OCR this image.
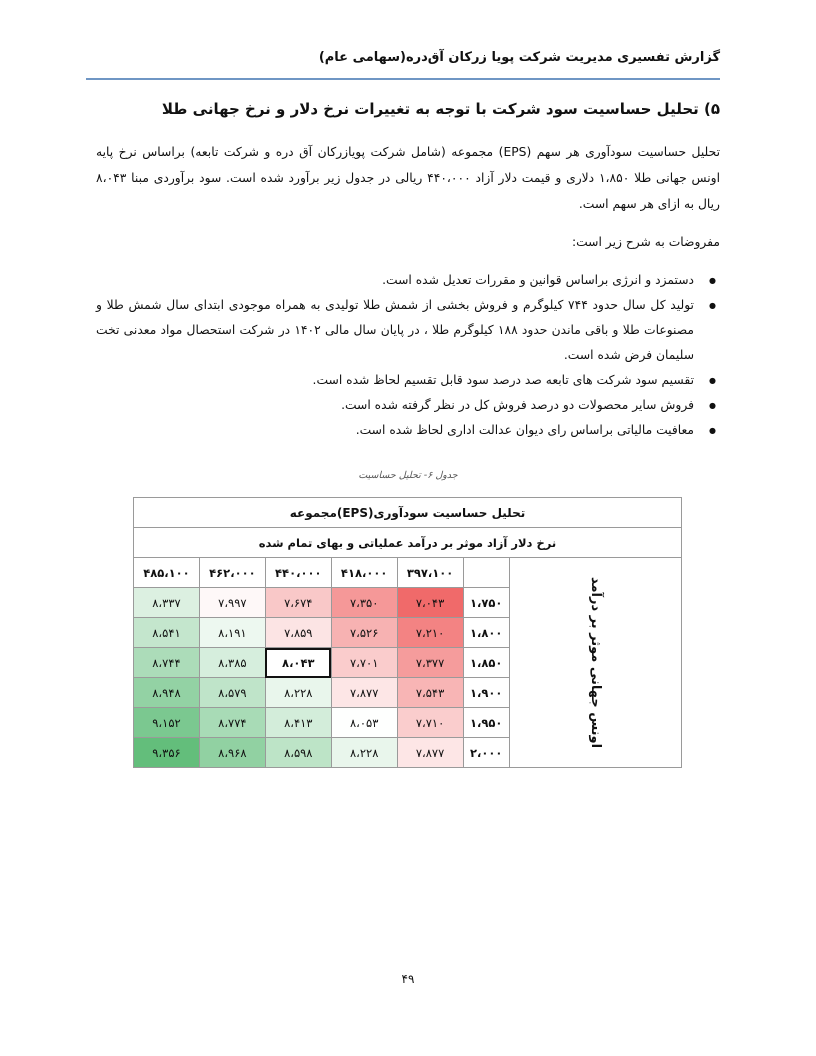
گزارش تفسیری مدیریت شرکت پویا زرکان آق‌دره(سهامی عام)
۵) تحلیل حساسیت سود شرکت با توجه به تغییرات نرخ دلار و نرخ جهانی طلا
تحلیل حساسیت سودآوری هر سهم (EPS) مجموعه (شامل شرکت پویازرکان آق دره و شرکت تابعه) براساس نرخ پایه اونس جهانی طلا ۱،۸۵۰ دلاری و قیمت دلار آزاد ۴۴۰،۰۰۰ ریالی در جدول زیر برآورد شده است. سود برآوردی مبنا ۸،۰۴۳ ریال به ازای هر سهم است.
مفروضات به شرح زیر است:
● دستمزد و انرژی براساس قوانین و مقررات تعدیل شده است.
● تولید کل سال حدود ۷۴۴ کیلوگرم و فروش بخشی از شمش طلا تولیدی به همراه موجودی ابتدای سال شمش طلا و مصنوعات طلا و باقی ماندن حدود ۱۸۸ کیلوگرم طلا ، در پایان سال مالی ۱۴۰۲ در شرکت استحصال مواد معدنی تخت سلیمان فرض شده است.
● تقسیم سود شرکت های تابعه صد درصد سود قابل تقسیم لحاظ شده است.
● فروش سایر محصولات دو درصد فروش کل در نظر گرفته شده است.
● معافیت مالیاتی براساس رای دیوان عدالت اداری لحاظ شده است.
جدول ۶- تحلیل حساسیت
تحلیل حساسیت سودآوری(EPS)مجموعه						
نرخ دلار آزاد موثر بر درآمد عملیاتی و بهای تمام شده						
اونس جهانی موثر بر درآمد		۳۹۷،۱۰۰	۴۱۸،۰۰۰	۴۴۰،۰۰۰	۴۶۲،۰۰۰	۴۸۵،۱۰۰
	۱،۷۵۰	۷،۰۴۳	۷،۳۵۰	۷،۶۷۴	۷،۹۹۷	۸،۳۳۷
	۱،۸۰۰	۷،۲۱۰	۷،۵۲۶	۷،۸۵۹	۸،۱۹۱	۸،۵۴۱
	۱،۸۵۰	۷،۳۷۷	۷،۷۰۱	۸،۰۴۳	۸،۳۸۵	۸،۷۴۴
	۱،۹۰۰	۷،۵۴۳	۷،۸۷۷	۸،۲۲۸	۸،۵۷۹	۸،۹۴۸
	۱،۹۵۰	۷،۷۱۰	۸،۰۵۳	۸،۴۱۳	۸،۷۷۴	۹،۱۵۲
	۲،۰۰۰	۷،۸۷۷	۸،۲۲۸	۸،۵۹۸	۸،۹۶۸	۹،۳۵۶
۴۹
